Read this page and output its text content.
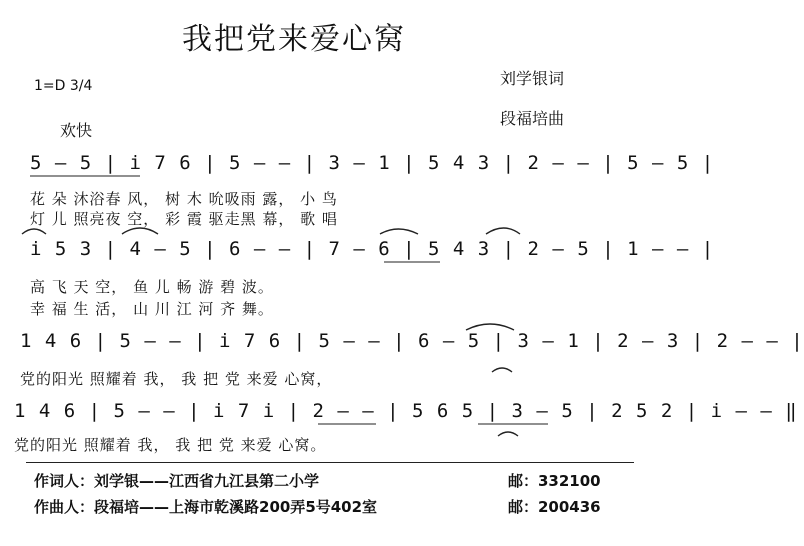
我把党来爱心窝
1=D 3/4	刘学银词
段福培曲
欢快
5 — 5 | i 7 6 | 5 — — | 3 — 1 | 5 4 3 | 2 — — | 5 — 5 |
花 朵 沐浴春 风， 树 木 吮吸雨 露， 小 鸟
灯 儿 照亮夜 空， 彩 霞 驱走黑 幕， 歌 唱
i 5 3 | 4 — 5 | 6 — — | 7 — 6 | 5 4 3 | 2 — 5 | 1 — — |
高 飞 天 空， 鱼 儿 畅 游 碧 波。
幸 福 生 活， 山 川 江 河 齐 舞。
1 4 6 | 5 — — | i 7 6 | 5 — — | 6 — 5 | 3 — 1 | 2 — 3 | 2 — — |
党的阳光 照耀着 我， 我 把 党 来爱 心窝，
1 4 6 | 5 — — | i 7 i | 2 — — | 5 6 5 | 3 — 5 | 2 5 2 | i — — ‖
党的阳光 照耀着 我， 我 把 党 来爱 心窝。
作词人：刘学银——江西省九江县第二小学	邮：332100
作曲人：段福培——上海市乾溪路200弄5号402室	邮：200436
